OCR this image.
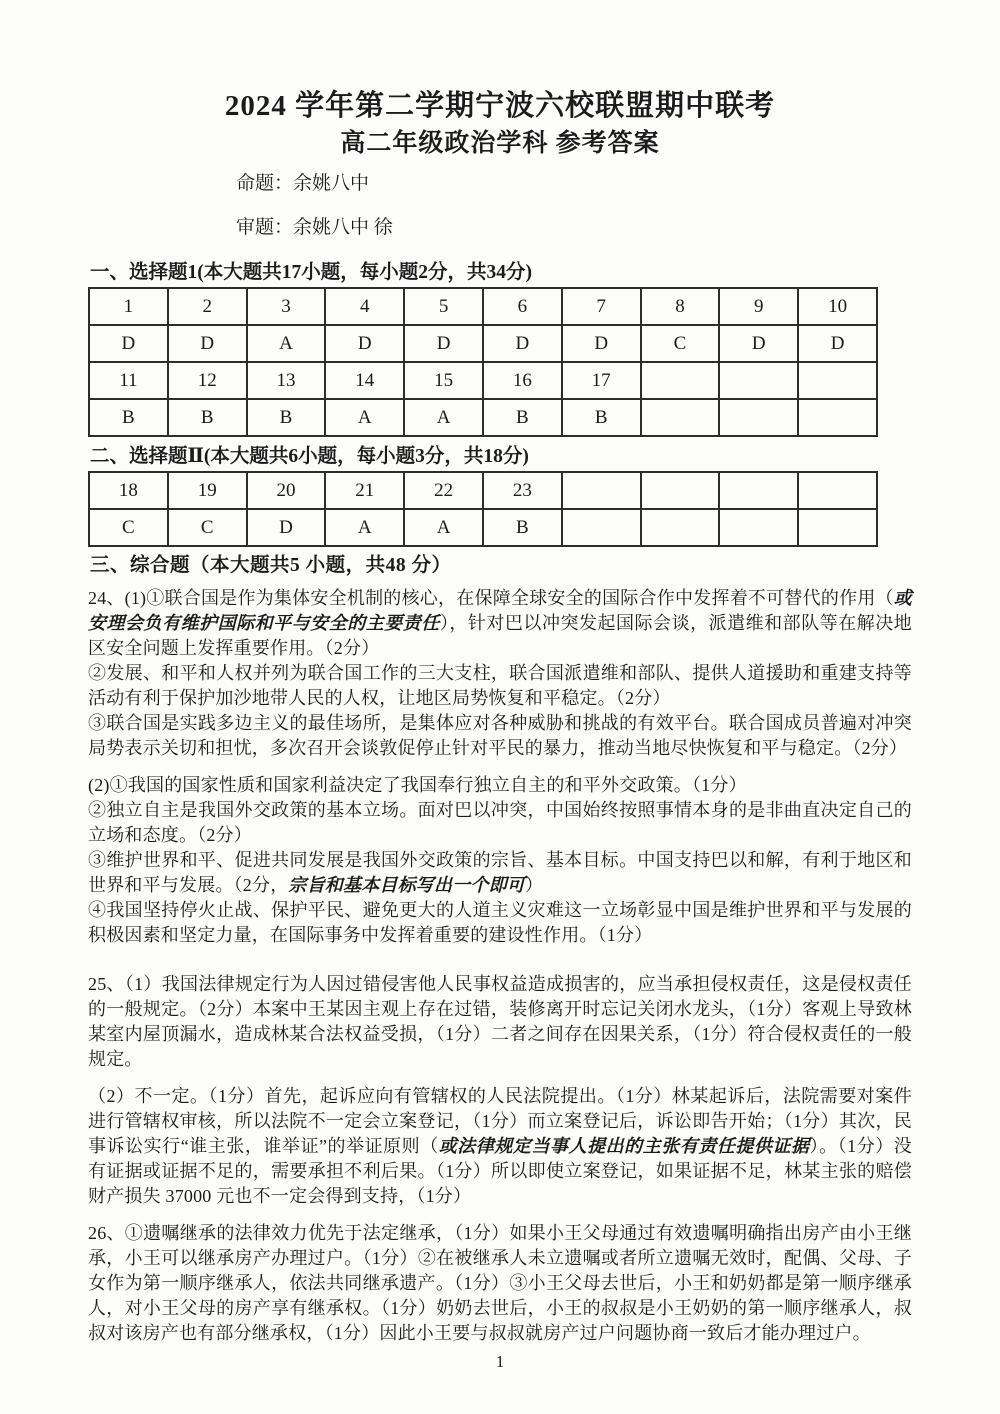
2024 学年第二学期宁波六校联盟期中联考
高二年级政治学科 参考答案
命题：余姚八中
审题：余姚八中 徐
一、选择题1(本大题共17小题，每小题2分，共34分)
1	2	3	4	5	6	7	8	9	10
D	D	A	D	D	D	D	C	D	D
11	12	13	14	15	16	17			
B	B	B	A	A	B	B			
二、选择题Ⅱ(本大题共6小题，每小题3分，共18分)
18	19	20	21	22	23				
C	C	D	A	A	B				
三、综合题（本大题共5 小题，共48 分）

24、(1)①联合国是作为集体安全机制的核心，在保障全球安全的国际合作中发挥着不可替代的作用（或安理会负有维护国际和平与安全的主要责任），针对巴以冲突发起国际会谈，派遣维和部队等在解决地区安全问题上发挥重要作用。（2分）

②发展、和平和人权并列为联合国工作的三大支柱，联合国派遣维和部队、提供人道援助和重建支持等活动有利于保护加沙地带人民的人权，让地区局势恢复和平稳定。（2分）

③联合国是实践多边主义的最佳场所，是集体应对各种威胁和挑战的有效平台。联合国成员普遍对冲突局势表示关切和担忧，多次召开会谈敦促停止针对平民的暴力，推动当地尽快恢复和平与稳定。（2分）

(2)①我国的国家性质和国家利益决定了我国奉行独立自主的和平外交政策。（1分）

②独立自主是我国外交政策的基本立场。面对巴以冲突，中国始终按照事情本身的是非曲直决定自己的立场和态度。（2分）

③维护世界和平、促进共同发展是我国外交政策的宗旨、基本目标。中国支持巴以和解，有利于地区和世界和平与发展。（2分，宗旨和基本目标写出一个即可）

④我国坚持停火止战、保护平民、避免更大的人道主义灾难这一立场彰显中国是维护世界和平与发展的积极因素和坚定力量，在国际事务中发挥着重要的建设性作用。（1分）

25、（1）我国法律规定行为人因过错侵害他人民事权益造成损害的，应当承担侵权责任，这是侵权责任的一般规定。（2分）本案中王某因主观上存在过错，装修离开时忘记关闭水龙头，（1分）客观上导致林某室内屋顶漏水，造成林某合法权益受损，（1分）二者之间存在因果关系，（1分）符合侵权责任的一般规定。

（2）不一定。（1分）首先，起诉应向有管辖权的人民法院提出。（1分）林某起诉后，法院需要对案件进行管辖权审核，所以法院不一定会立案登记，（1分）而立案登记后，诉讼即告开始；（1分）其次，民事诉讼实行“谁主张，谁举证”的举证原则（或法律规定当事人提出的主张有责任提供证据）。（1分）没有证据或证据不足的，需要承担不利后果。（1分）所以即使立案登记，如果证据不足，林某主张的赔偿财产损失 37000 元也不一定会得到支持，（1分）

26、①遗嘱继承的法律效力优先于法定继承，（1分）如果小王父母通过有效遗嘱明确指出房产由小王继承，小王可以继承房产办理过户。（1分）②在被继承人未立遗嘱或者所立遗嘱无效时，配偶、父母、子女作为第一顺序继承人，依法共同继承遗产。（1分）③小王父母去世后，小王和奶奶都是第一顺序继承人，对小王父母的房产享有继承权。（1分）奶奶去世后，小王的叔叔是小王奶奶的第一顺序继承人，叔叔对该房产也有部分继承权，（1分）因此小王要与叔叔就房产过户问题协商一致后才能办理过户。

1
